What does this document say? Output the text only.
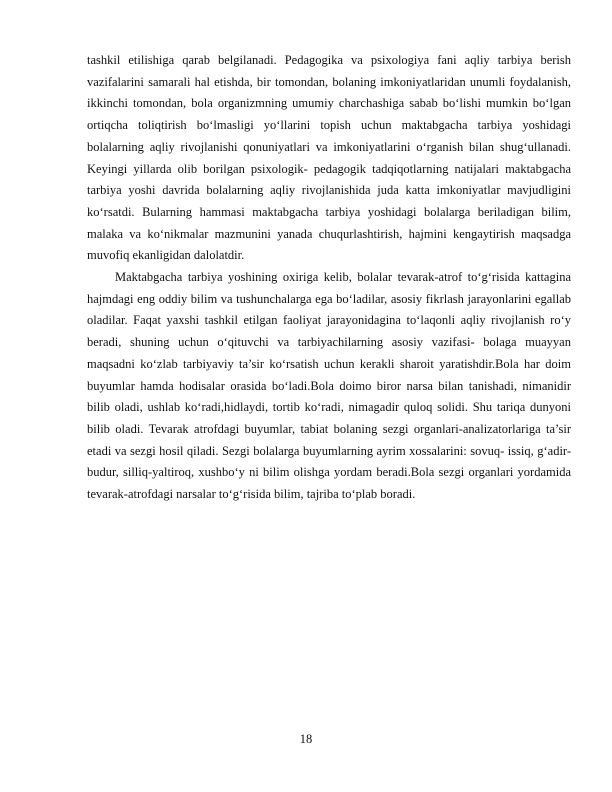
tashkil etilishiga qarab belgilanadi. Pedagogika va psixologiya fani aqliy tarbiya berish vazifalarini samarali hal etishda, bir tomondan, bolaning imkoniyatlaridan unumli foydalanish, ikkinchi tomondan, bola organizmning umumiy charchashiga sabab bo‘lishi mumkin bo‘lgan ortiqcha toliqtirish bo‘lmasligi yo‘llarini topish uchun maktabgacha tarbiya yoshidagi bolalarning aqliy rivojlanishi qonuniyatlari va imkoniyatlarini o‘rganish bilan shug‘ullanadi. Keyingi yillarda olib borilgan psixologik- pedagogik tadqiqotlarning natijalari maktabgacha tarbiya yoshi davrida bolalarning aqliy rivojlanishida juda katta imkoniyatlar mavjudligini ko‘rsatdi. Bularning hammasi maktabgacha tarbiya yoshidagi bolalarga beriladigan bilim, malaka va ko‘nikmalar mazmunini yanada chuqurlashtirish, hajmini kengaytirish maqsadga muvofiq ekanligidan dalolatdir.

Maktabgacha tarbiya yoshining oxiriga kelib, bolalar tevarak-atrof to‘g‘risida kattagina hajmdagi eng oddiy bilim va tushunchalarga ega bo‘ladilar, asosiy fikrlash jarayonlarini egallab oladilar. Faqat yaxshi tashkil etilgan faoliyat jarayonidagina to‘laqonli aqliy rivojlanish ro‘y beradi, shuning uchun o‘qituvchi va tarbiyachilarning asosiy vazifasi- bolaga muayyan maqsadni ko‘zlab tarbiyaviy ta’sir ko‘rsatish uchun kerakli sharoit yaratishdir.Bola har doim buyumlar hamda hodisalar orasida bo‘ladi.Bola doimo biror narsa bilan tanishadi, nimanidir bilib oladi, ushlab ko‘radi,hidlaydi, tortib ko‘radi, nimagadir quloq solidi. Shu tariqa dunyoni bilib oladi. Tevarak atrofdagi buyumlar, tabiat bolaning sezgi organlari-analizatorlariga ta’sir etadi va sezgi hosil qiladi. Sezgi bolalarga buyumlarning ayrim xossalarini: sovuq- issiq, g‘adir-budur, silliq-yaltiroq, xushbo‘y ni bilim olishga yordam beradi.Bola sezgi organlari yordamida tevarak-atrofdagi narsalar to‘g‘risida bilim, tajriba to‘plab boradi.

18
